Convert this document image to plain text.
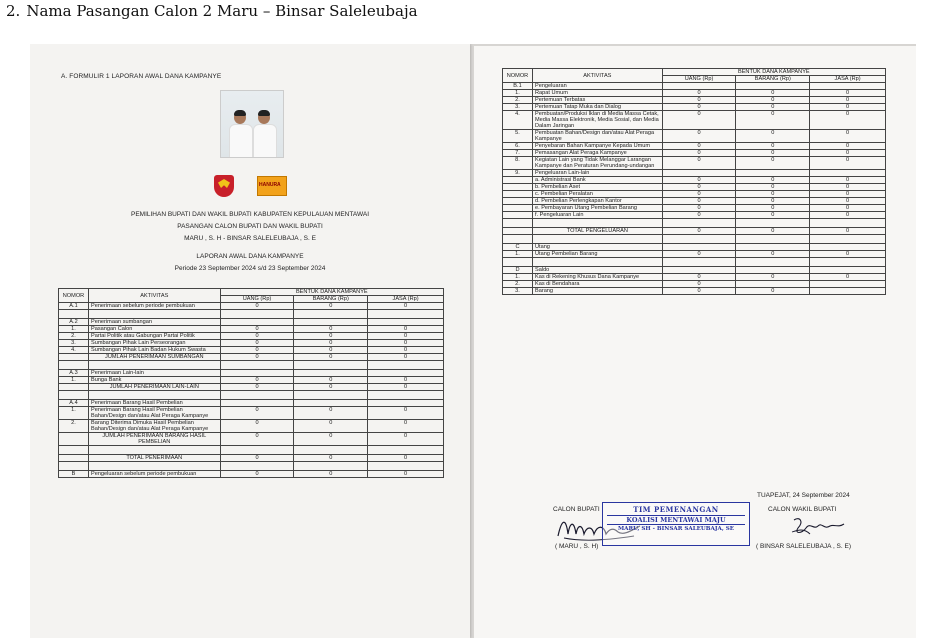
2. Nama Pasangan Calon 2 Maru – Binsar Saleleubaja
A. FORMULIR 1 LAPORAN AWAL DANA KAMPANYE
HANURA
PEMILIHAN BUPATI DAN WAKIL BUPATI KABUPATEN KEPULAUAN MENTAWAI
PASANGAN CALON BUPATI DAN WAKIL BUPATI
MARU , S. H - BINSAR SALELEUBAJA , S. E
LAPORAN AWAL DANA KAMPANYE
Periode 23 September 2024 s/d 23 September 2024
NOMOR	AKTIVITAS	BENTUK DANA KAMPANYE		
		UANG (Rp)	BARANG (Rp)	JASA (Rp)
A.1	Penerimaan sebelum periode pembukuan	0	0	0

A.2	Penerimaan sumbangan			
1.	Pasangan Calon	0	0	0
2.	Partai Politik atau Gabungan Partai Politik	0	0	0
3.	Sumbangan Pihak Lain Perseorangan	0	0	0
4.	Sumbangan Pihak Lain Badan Hukum Swasta	0	0	0
	JUMLAH PENERIMAAN SUMBANGAN	0	0	0

A.3	Penerimaan Lain-lain			
1.	Bunga Bank	0	0	0
	JUMLAH PENERIMAAN LAIN-LAIN	0	0	0

A.4	Penerimaan Barang Hasil Pembelian			
1.	Penerimaan Barang Hasil Pembelian Bahan/Design dan/atau Alat Peraga Kampanye	0	0	0
2.	Barang Diterima Dimuka Hasil Pembelian Bahan/Design dan/atau Alat Peraga Kampanye	0	0	0
	JUMLAH PENERIMAAN BARANG HASIL PEMBELIAN	0	0	0

	TOTAL PENERIMAAN	0	0	0

B	Pengeluaran sebelum periode pembukuan	0	0	0
NOMOR	AKTIVITAS	BENTUK DANA KAMPANYE		
		UANG (Rp)	BARANG (Rp)	JASA (Rp)
B.1	Pengeluaran			
1.	Rapat Umum	0	0	0
2.	Pertemuan Terbatas	0	0	0
3.	Pertemuan Tatap Muka dan Dialog	0	0	0
4.	Pembuatan/Produksi Iklan di Media Massa Cetak, Media Massa Elektronik, Media Sosial, dan Media Dalam Jaringan	0	0	0
5.	Pembuatan Bahan/Design dan/atau Alat Peraga Kampanye	0	0	0
6.	Penyebaran Bahan Kampanye Kepada Umum	0	0	0
7.	Pemasangan Alat Peraga Kampanye	0	0	0
8.	Kegiatan Lain yang Tidak Melanggar Larangan Kampanye dan Peraturan Perundang-undangan	0	0	0
9.	Pengeluaran Lain-lain			
	a. Administrasi Bank	0	0	0
	b. Pembelian Aset	0	0	0
	c. Pembelian Peralatan	0	0	0
	d. Pembelian Perlengkapan Kantor	0	0	0
	e. Pembayaran Utang Pembelian Barang	0	0	0
	f. Pengeluaran Lain	0	0	0

	TOTAL PENGELUARAN	0	0	0

C	Utang			
1.	Utang Pembelian Barang	0	0	0

D	Saldo			
1.	Kas di Rekening Khusus Dana Kampanye	0	0	0
2.	Kas di Bendahara	0		
3.	Barang	0	0	
TUAPEJAT, 24 September 2024
CALON BUPATI	CALON WAKIL BUPATI
TIM PEMENANGAN
KOALISI MENTAWAI MAJU
MARU, SH - BINSAR SALEUBAJA, SE
( MARU , S. H)	( BINSAR SALELEUBAJA , S. E)
